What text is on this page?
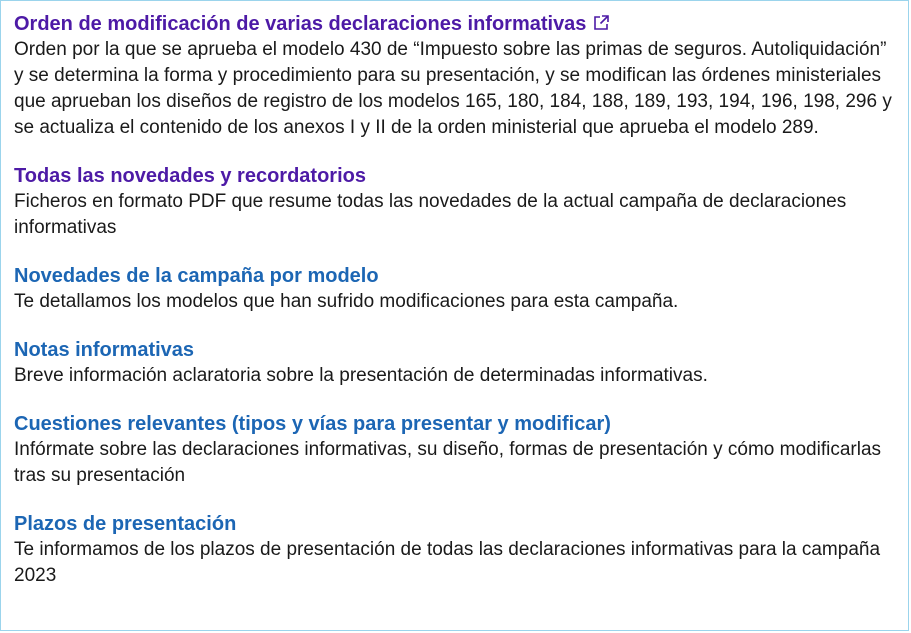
Orden de modificación de varias declaraciones informativas

Orden por la que se aprueba el modelo 430 de “Impuesto sobre las primas de seguros. Autoliquidación” y se determina la forma y procedimiento para su presentación, y se modifican las órdenes ministeriales que aprueban los diseños de registro de los modelos 165, 180, 184, 188, 189, 193, 194, 196, 198, 296 y se actualiza el contenido de los anexos I y II de la orden ministerial que aprueba el modelo 289.

Todas las novedades y recordatorios

Ficheros en formato PDF que resume todas las novedades de la actual campaña de declaraciones informativas

Novedades de la campaña por modelo

Te detallamos los modelos que han sufrido modificaciones para esta campaña.

Notas informativas

Breve información aclaratoria sobre la presentación de determinadas informativas.

Cuestiones relevantes (tipos y vías para presentar y modificar)

Infórmate sobre las declaraciones informativas, su diseño, formas de presentación y cómo modificarlas tras su presentación

Plazos de presentación

Te informamos de los plazos de presentación de todas las declaraciones informativas para la campaña 2023
